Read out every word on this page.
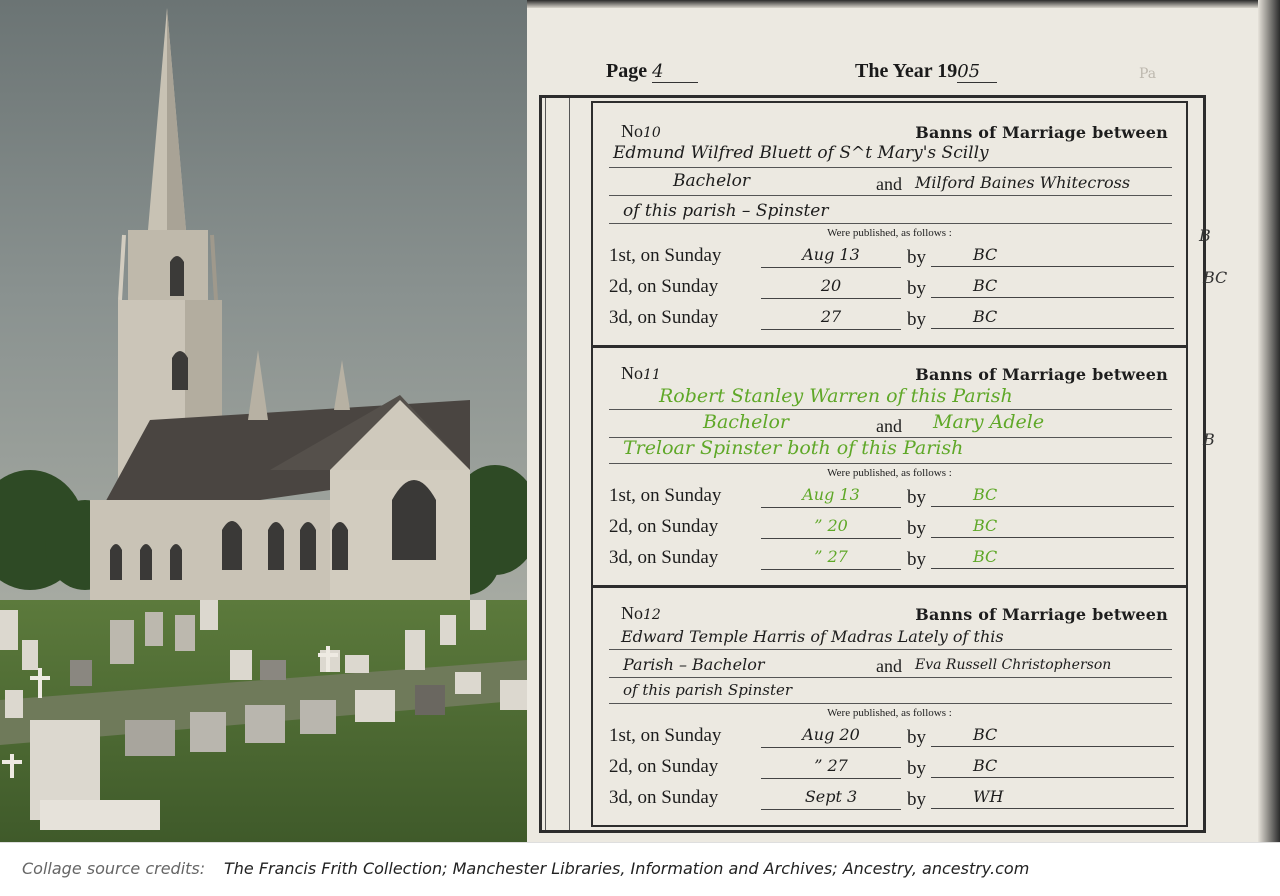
Page 4	The Year 1905	Pa
No10	Banns of Marriage between
Edmund Wilfred Bluett of S^t Mary's Scilly
Bachelor	and Milford Baines Whitecross
of this parish – Spinster
Were published, as follows :
1st, on Sunday	Aug 13	by	BC
2d, on Sunday	20	by	BC
3d, on Sunday	27	by	BC
No11	Banns of Marriage between
Robert Stanley Warren of this Parish
Bachelor	and Mary Adele
Treloar Spinster both of this Parish
Were published, as follows :
1st, on Sunday	Aug 13	by	BC
2d, on Sunday	” 20	by	BC
3d, on Sunday	” 27	by	BC
No12	Banns of Marriage between
Edward Temple Harris of Madras Lately of this
Parish – Bachelor	and Eva Russell Christopherson
of this parish Spinster
Were published, as follows :
1st, on Sunday	Aug 20	by	BC
2d, on Sunday	” 27	by	BC
3d, on Sunday	Sept 3	by	WH
B
BC
B
Collage source credits: The Francis Frith Collection; Manchester Libraries, Information and Archives; Ancestry, ancestry.com
